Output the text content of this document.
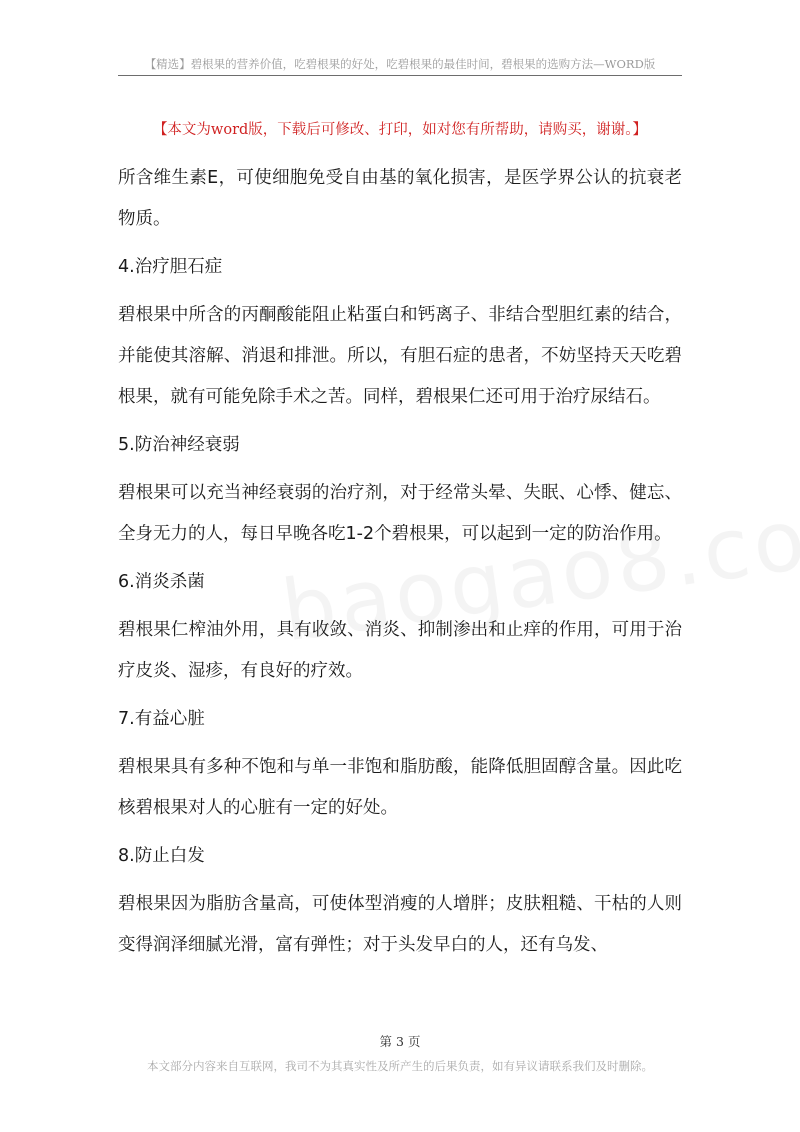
【精选】碧根果的营养价值，吃碧根果的好处，吃碧根果的最佳时间，碧根果的选购方法—WORD版
【本文为word版，下载后可修改、打印，如对您有所帮助，请购买，谢谢。】

所含维生素E，可使细胞免受自由基的氧化损害，是医学界公认的抗衰老物质。

4.治疗胆石症

碧根果中所含的丙酮酸能阻止粘蛋白和钙离子、非结合型胆红素的结合，并能使其溶解、消退和排泄。所以，有胆石症的患者，不妨坚持天天吃碧根果，就有可能免除手术之苦。同样，碧根果仁还可用于治疗尿结石。

5.防治神经衰弱

碧根果可以充当神经衰弱的治疗剂，对于经常头晕、失眠、心悸、健忘、全身无力的人，每日早晚各吃1-2个碧根果，可以起到一定的防治作用。

6.消炎杀菌

碧根果仁榨油外用，具有收敛、消炎、抑制渗出和止痒的作用，可用于治疗皮炎、湿疹，有良好的疗效。

7.有益心脏

碧根果具有多种不饱和与单一非饱和脂肪酸，能降低胆固醇含量。因此吃核碧根果对人的心脏有一定的好处。

8.防止白发

碧根果因为脂肪含量高，可使体型消瘦的人增胖；皮肤粗糙、干枯的人则变得润泽细腻光滑，富有弹性；对于头发早白的人，还有乌发、

第 3 页
本文部分内容来自互联网，我司不为其真实性及所产生的后果负责，如有异议请联系我们及时删除。
